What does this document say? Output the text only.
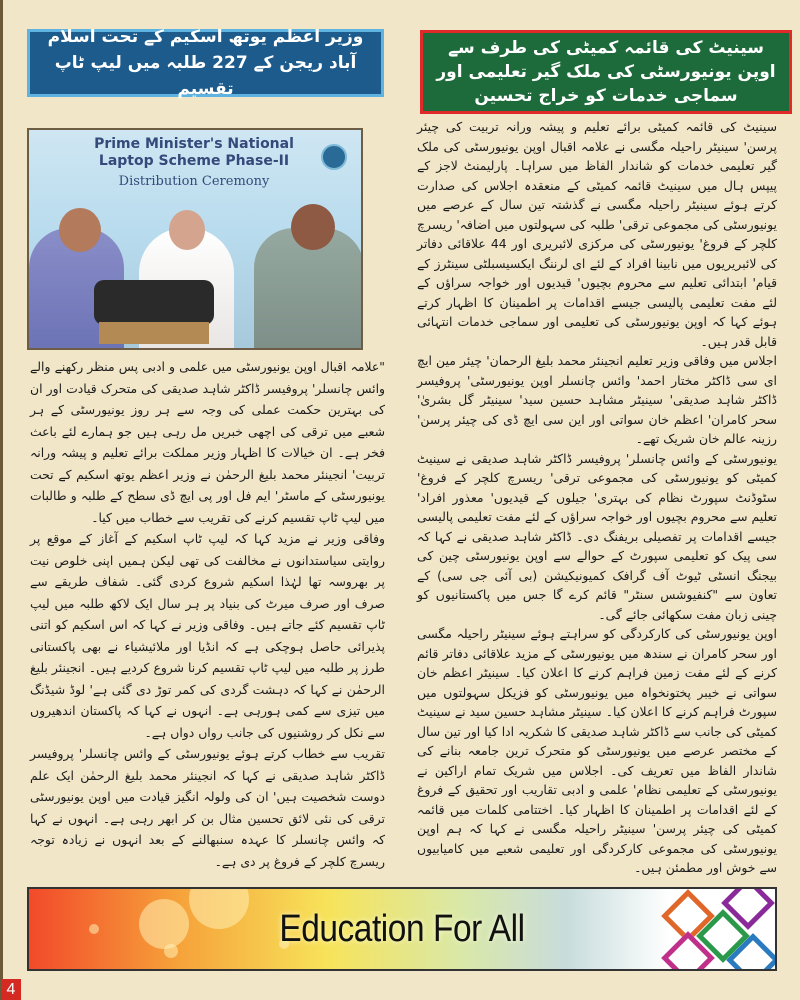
وزیر اعظم یوتھ اسکیم کے تحت اسلام آباد ریجن کے 227 طلبہ میں لیپ ٹاپ تقسیم
سینیٹ کی قائمہ کمیٹی کی طرف سے اوپن یونیورسٹی کی ملک گیر تعلیمی اور سماجی خدمات کو خراج تحسین
Prime Minister's National
Laptop Scheme Phase-II
Distribution Ceremony

سینیٹ کی قائمہ کمیٹی برائے تعلیم و پیشہ ورانہ تربیت کی چیئر پرسن' سینیٹر راحیلہ مگسی نے علامہ اقبال اوپن یونیورسٹی کی ملک گیر تعلیمی خدمات کو شاندار الفاظ میں سراہا۔ پارلیمنٹ لاجز کے پیپس ہال میں سینیٹ قائمہ کمیٹی کے منعقدہ اجلاس کی صدارت کرتے ہوئے سینیٹر راحیلہ مگسی نے گذشتہ تین سال کے عرصے میں یونیورسٹی کی مجموعی ترقی' طلبہ کی سہولتوں میں اضافہ' ریسرچ کلچر کے فروغ' یونیورسٹی کی مرکزی لائبریری اور 44 علاقائی دفاتر کی لائبریریوں میں نابینا افراد کے لئے ای لرننگ ایکسیسبلٹی سینٹرز کے قیام' ابتدائی تعلیم سے محروم بچیوں' قیدیوں اور خواجہ سراؤں کے لئے مفت تعلیمی پالیسی جیسے اقدامات پر اطمینان کا اظہار کرتے ہوئے کہا کہ اوپن یونیورسٹی کی تعلیمی اور سماجی خدمات انتہائی قابل قدر ہیں۔

اجلاس میں وفاقی وزیر تعلیم انجینئر محمد بلیغ الرحمان' چیئر مین ایچ ای سی ڈاکٹر مختار احمد' وائس چانسلر اوپن یونیورسٹی' پروفیسر ڈاکٹر شاہد صدیقی' سینیٹر مشاہد حسین سید' سینیٹر گل بشریٰ' سحر کامران' اعظم خان سواتی اور این سی ایچ ڈی کی چیئر پرسن' رزینہ عالم خان شریک تھے۔

یونیورسٹی کے وائس چانسلر' پروفیسر ڈاکٹر شاہد صدیقی نے سینیٹ کمیٹی کو یونیورسٹی کی مجموعی ترقی' ریسرچ کلچر کے فروغ' سٹوڈنٹ سپورٹ نظام کی بہتری' جیلوں کے قیدیوں' معذور افراد' تعلیم سے محروم بچیوں اور خواجہ سراؤں کے لئے مفت تعلیمی پالیسی جیسے اقدامات پر تفصیلی بریفنگ دی۔ ڈاکٹر شاہد صدیقی نے کہا کہ سی پیک کو تعلیمی سپورٹ کے حوالے سے اوپن یونیورسٹی چین کی بیجنگ انسٹی ٹیوٹ آف گرافک کمیونیکیشن (بی آئی جی سی) کے تعاون سے "کنفیوشس سنٹر" قائم کرے گا جس میں پاکستانیوں کو چینی زبان مفت سکھائی جائے گی۔

اوپن یونیورسٹی کی کارکردگی کو سراہتے ہوئے سینیٹر راحیلہ مگسی اور سحر کامران نے سندھ میں یونیورسٹی کے مزید علاقائی دفاتر قائم کرنے کے لئے مفت زمین فراہم کرنے کا اعلان کیا۔ سینیٹر اعظم خان سواتی نے خیبر پختونخواہ میں یونیورسٹی کو فزیکل سہولتوں میں سپورٹ فراہم کرنے کا اعلان کیا۔ سینیٹر مشاہد حسین سید نے سینیٹ کمیٹی کی جانب سے ڈاکٹر شاہد صدیقی کا شکریہ ادا کیا اور تین سال کے مختصر عرصے میں یونیورسٹی کو متحرک ترین جامعہ بنانے کی شاندار الفاظ میں تعریف کی۔ اجلاس میں شریک تمام اراکین نے یونیورسٹی کے تعلیمی نظام' علمی و ادبی تقاریب اور تحقیق کے فروغ کے لئے اقدامات پر اطمینان کا اظہار کیا۔ اختتامی کلمات میں قائمہ کمیٹی کی چیئر پرسن' سینیٹر راحیلہ مگسی نے کہا کہ ہم اوپن یونیورسٹی کی مجموعی کارکردگی اور تعلیمی شعبے میں کامیابیوں سے خوش اور مطمئن ہیں۔

"علامہ اقبال اوپن یونیورسٹی میں علمی و ادبی پس منظر رکھنے والے وائس چانسلر' پروفیسر ڈاکٹر شاہد صدیقی کی متحرک قیادت اور ان کی بہترین حکمت عملی کی وجہ سے ہر روز یونیورسٹی کے ہر شعبے میں ترقی کی اچھی خبریں مل رہی ہیں جو ہمارے لئے باعث فخر ہے۔ ان خیالات کا اظہار وزیر مملکت برائے تعلیم و پیشہ ورانہ تربیت' انجینئر محمد بلیغ الرحمٰن نے وزیر اعظم یوتھ اسکیم کے تحت یونیورسٹی کے ماسٹر' ایم فل اور پی ایچ ڈی سطح کے طلبہ و طالبات میں لیپ ٹاپ تقسیم کرنے کی تقریب سے خطاب میں کیا۔

وفاقی وزیر نے مزید کہا کہ لیپ ٹاپ اسکیم کے آغاز کے موقع پر روایتی سیاستدانوں نے مخالفت کی تھی لیکن ہمیں اپنی خلوص نیت پر بھروسہ تھا لہٰذا اسکیم شروع کردی گئی۔ شفاف طریقے سے صرف اور صرف میرٹ کی بنیاد پر ہر سال ایک لاکھ طلبہ میں لیپ ٹاپ تقسیم کئے جاتے ہیں۔ وفاقی وزیر نے کہا کہ اس اسکیم کو اتنی پذیرائی حاصل ہوچکی ہے کہ انڈیا اور ملائیشیاء نے بھی پاکستانی طرز پر طلبہ میں لیپ ٹاپ تقسیم کرنا شروع کردیے ہیں۔ انجینئر بلیغ الرحمٰن نے کہا کہ دہشت گردی کی کمر توڑ دی گئی ہے' لوڈ شیڈنگ میں تیزی سے کمی ہورہی ہے۔ انہوں نے کہا کہ پاکستان اندھیروں سے نکل کر روشنیوں کی جانب رواں دواں ہے۔

تقریب سے خطاب کرتے ہوئے یونیورسٹی کے وائس چانسلر' پروفیسر ڈاکٹر شاہد صدیقی نے کہا کہ انجینئر محمد بلیغ الرحمٰن ایک علم دوست شخصیت ہیں' ان کی ولولہ انگیز قیادت میں اوپن یونیورسٹی ترقی کی نئی لائق تحسین مثال بن کر ابھر رہی ہے۔ انہوں نے کہا کہ وائس چانسلر کا عہدہ سنبھالنے کے بعد انہوں نے زیادہ توجہ ریسرچ کلچر کے فروغ پر دی ہے۔

Education For All
4
